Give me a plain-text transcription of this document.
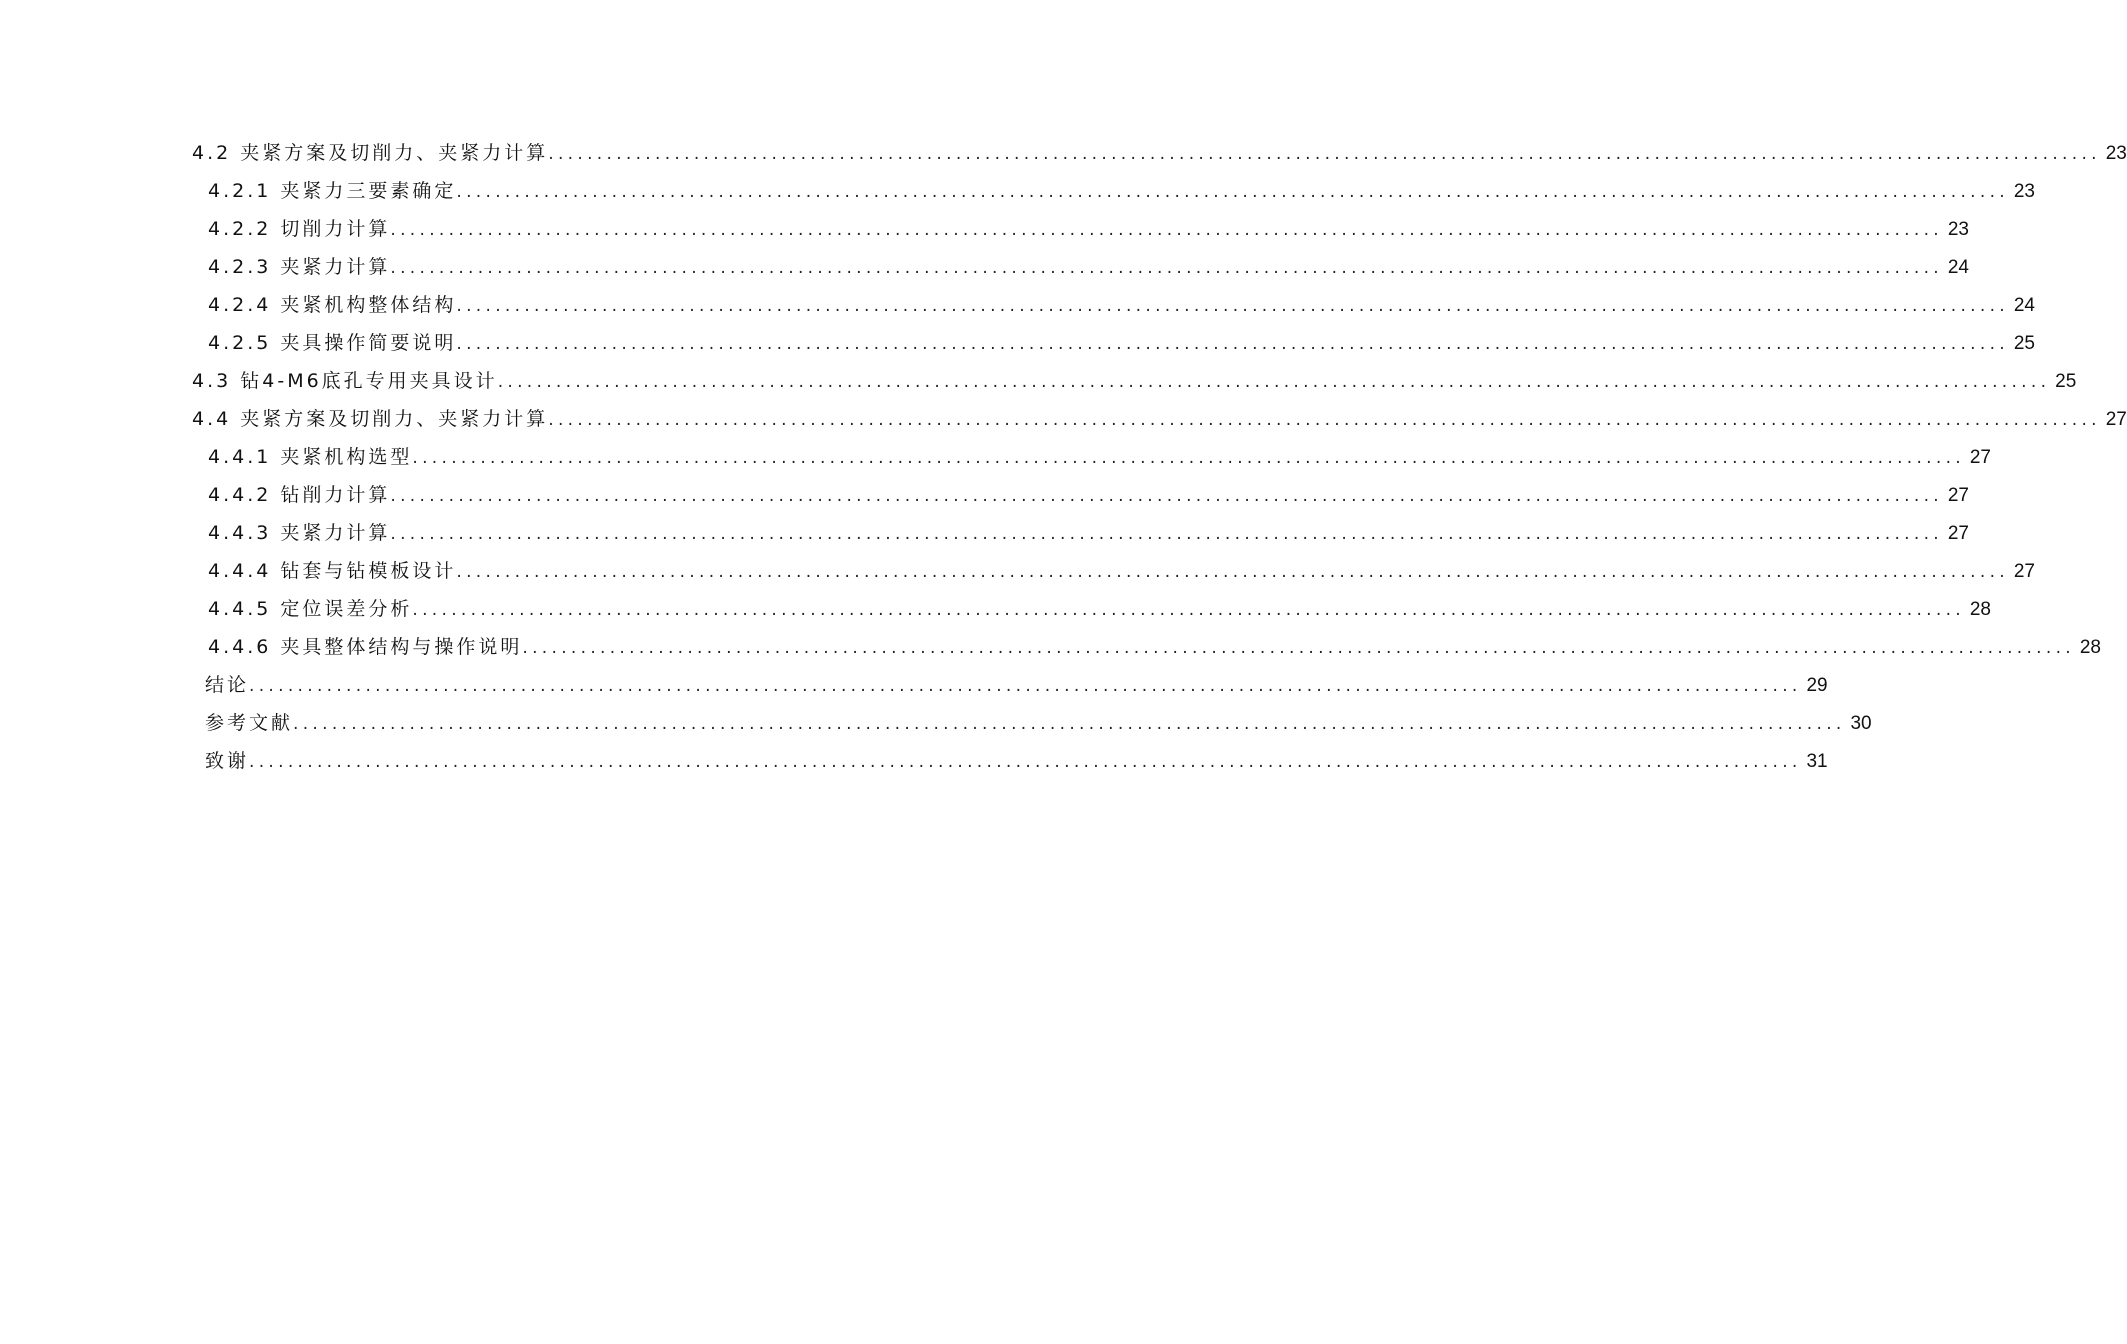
4.2 夹紧方案及切削力、夹紧力计算 ................................................................................................................................................................ 23
4.2.1 夹紧力三要素确定 ................................................................................................................................................................ 23
4.2.2 切削力计算 ................................................................................................................................................................ 23
4.2.3 夹紧力计算 ................................................................................................................................................................ 24
4.2.4 夹紧机构整体结构 ................................................................................................................................................................ 24
4.2.5 夹具操作简要说明 ................................................................................................................................................................ 25
4.3 钻4-M6底孔专用夹具设计 ................................................................................................................................................................ 25
4.4 夹紧方案及切削力、夹紧力计算 ................................................................................................................................................................ 27
4.4.1 夹紧机构选型 ................................................................................................................................................................ 27
4.4.2 钻削力计算 ................................................................................................................................................................ 27
4.4.3 夹紧力计算 ................................................................................................................................................................ 27
4.4.4 钻套与钻模板设计 ................................................................................................................................................................ 27
4.4.5 定位误差分析 ................................................................................................................................................................ 28
4.4.6 夹具整体结构与操作说明 ................................................................................................................................................................ 28
结论 ................................................................................................................................................................ 29
参考文献 ................................................................................................................................................................ 30
致谢 ................................................................................................................................................................ 31
